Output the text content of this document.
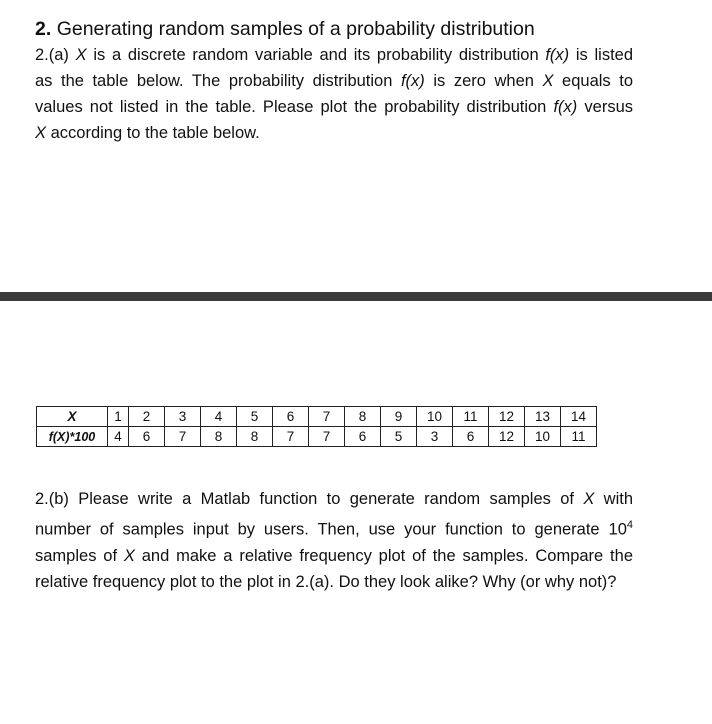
2. Generating random samples of a probability distribution
2.(a) X is a discrete random variable and its probability distribution f(x) is listed
as the table below. The probability distribution f(x) is zero when X equals to
values not listed in the table. Please plot the probability distribution f(x) versus
X according to the table below.
X	1	2	3	4	5	6	7	8	9	10	11	12	13	14
f(X)*100	4	6	7	8	8	7	7	6	5	3	6	12	10	11
2.(b) Please write a Matlab function to generate random samples of X with
number of samples input by users. Then, use your function to generate $10^4$
samples of X and make a relative frequency plot of the samples. Compare the
relative frequency plot to the plot in 2.(a). Do they look alike? Why (or why not)?
